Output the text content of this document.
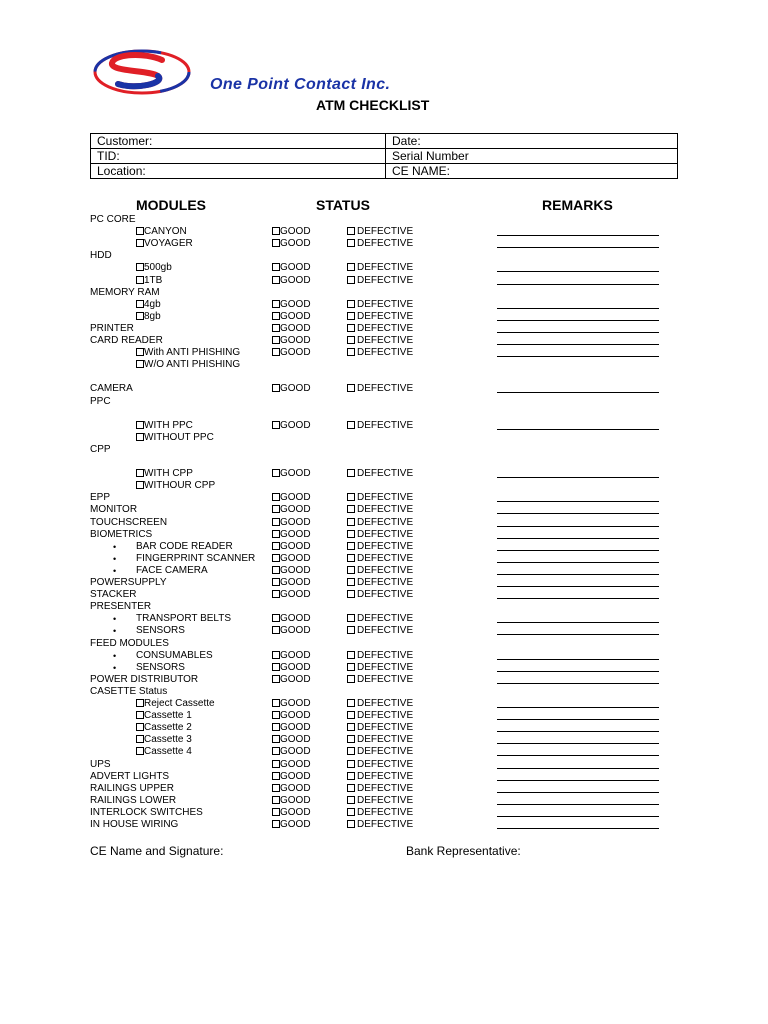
One Point Contact Inc.
ATM CHECKLIST
Customer:	Date:
TID:	Serial Number
Location:	CE NAME:
MODULES	STATUS	REMARKS
PC CORE
CANYON	GOOD	DEFECTIVE
VOYAGER	GOOD	DEFECTIVE
HDD
500gb	GOOD	DEFECTIVE
1TB	GOOD	DEFECTIVE
MEMORY RAM
4gb	GOOD	DEFECTIVE
8gb	GOOD	DEFECTIVE
PRINTER	GOOD	DEFECTIVE
CARD READER	GOOD	DEFECTIVE
With ANTI PHISHING	GOOD	DEFECTIVE
W/O ANTI PHISHING
CAMERA	GOOD	DEFECTIVE
PPC
WITH PPC	GOOD	DEFECTIVE
WITHOUT PPC
CPP
WITH CPP	GOOD	DEFECTIVE
WITHOUR CPP
EPP	GOOD	DEFECTIVE
MONITOR	GOOD	DEFECTIVE
TOUCHSCREEN	GOOD	DEFECTIVE
BIOMETRICS	GOOD	DEFECTIVE
• BAR CODE READER	GOOD	DEFECTIVE
• FINGERPRINT SCANNER	GOOD	DEFECTIVE
• FACE CAMERA	GOOD	DEFECTIVE
POWERSUPPLY	GOOD	DEFECTIVE
STACKER	GOOD	DEFECTIVE
PRESENTER
• TRANSPORT BELTS	GOOD	DEFECTIVE
• SENSORS	GOOD	DEFECTIVE
FEED MODULES
• CONSUMABLES	GOOD	DEFECTIVE
• SENSORS	GOOD	DEFECTIVE
POWER DISTRIBUTOR	GOOD	DEFECTIVE
CASETTE Status
Reject Cassette	GOOD	DEFECTIVE
Cassette 1	GOOD	DEFECTIVE
Cassette 2	GOOD	DEFECTIVE
Cassette 3	GOOD	DEFECTIVE
Cassette 4	GOOD	DEFECTIVE
UPS	GOOD	DEFECTIVE
ADVERT LIGHTS	GOOD	DEFECTIVE
RAILINGS UPPER	GOOD	DEFECTIVE
RAILINGS LOWER	GOOD	DEFECTIVE
INTERLOCK SWITCHES	GOOD	DEFECTIVE
IN HOUSE WIRING	GOOD	DEFECTIVE
CE Name and Signature:	Bank Representative:
